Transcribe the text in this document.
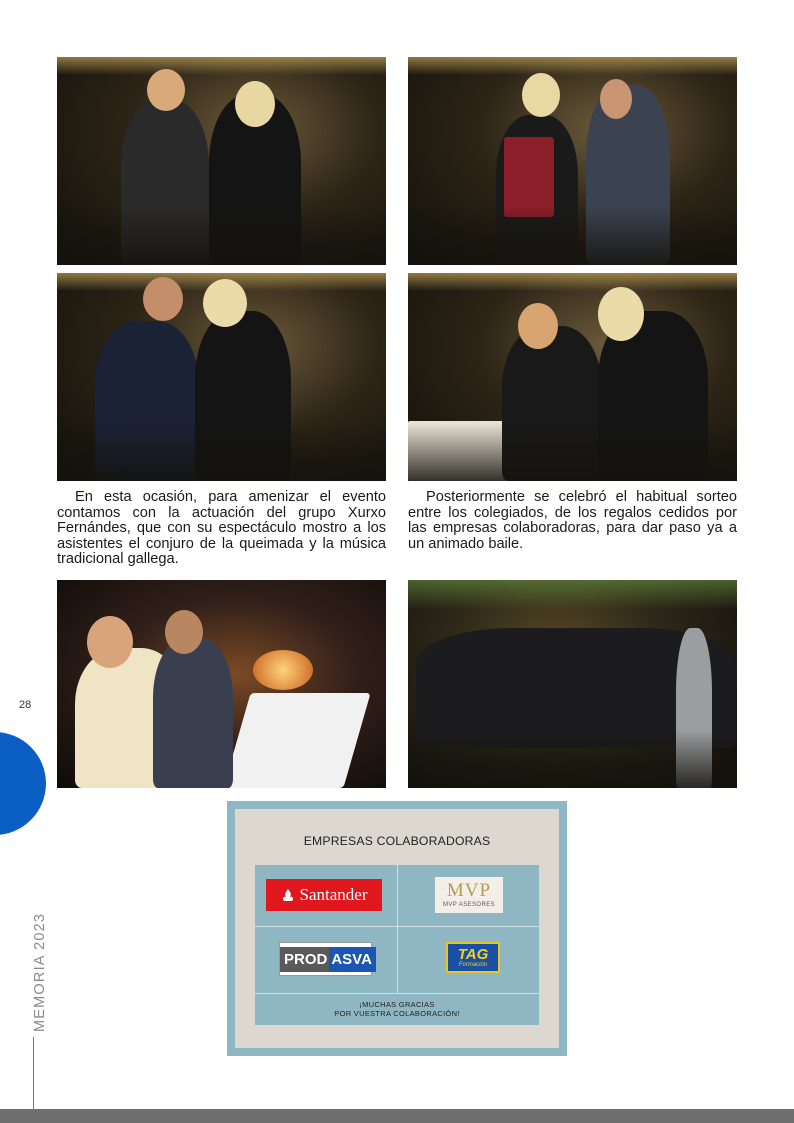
En esta ocasión, para amenizar el evento contamos con la actuación del grupo Xurxo Fernándes, que con su espectáculo mostro a los asistentes el conjuro de la queimada y la música tradicional gallega.

Posteriormente se celebró el habitual sorteo entre los colegiados, de los regalos cedidos por las empresas colaboradoras, para dar paso ya a un animado baile.

28
MEMORIA 2023
EMPRESAS COLABORADORAS
Santander	MVP
MVP ASESORES
PROD ASVA	TAG
Formación
¡MUCHAS GRACIAS
POR VUESTRA COLABORACIÓN!
